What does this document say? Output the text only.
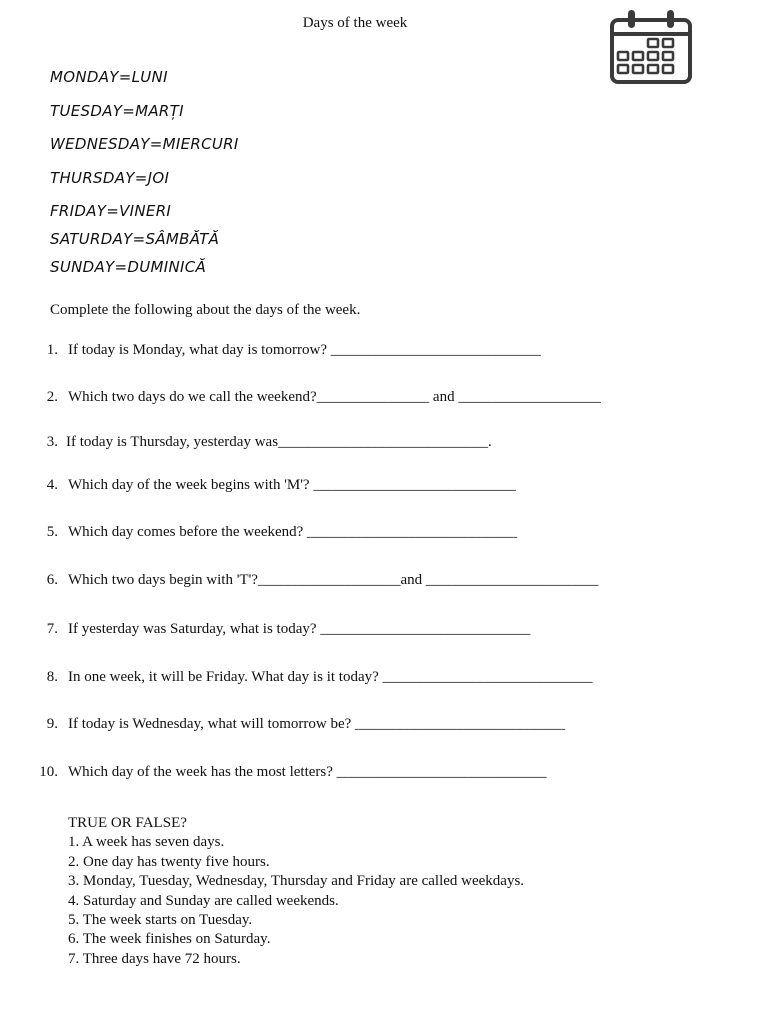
Days of the week
MONDAY=LUNI
TUESDAY=MARȚI
WEDNESDAY=MIERCURI
THURSDAY=JOI
FRIDAY=VINERI
SATURDAY=SÂMBĂTĂ
SUNDAY=DUMINICĂ
Complete the following about the days of the week.
1. If today is Monday, what day is tomorrow? ____________________________
2. Which two days do we call the weekend?_______________ and ___________________
3. If today is Thursday, yesterday was____________________________.
4. Which day of the week begins with 'M'? ___________________________
5. Which day comes before the weekend? ____________________________
6. Which two days begin with 'T'?___________________and _______________________
7. If yesterday was Saturday, what is today? ____________________________
8. In one week, it will be Friday. What day is it today? ____________________________
9. If today is Wednesday, what will tomorrow be? ____________________________
10. Which day of the week has the most letters? ____________________________
TRUE OR FALSE?
1. A week has seven days.
2. One day has twenty five hours.
3. Monday, Tuesday, Wednesday, Thursday and Friday are called weekdays.
4. Saturday and Sunday are called weekends.
5. The week starts on Tuesday.
6. The week finishes on Saturday.
7. Three days have 72 hours.
